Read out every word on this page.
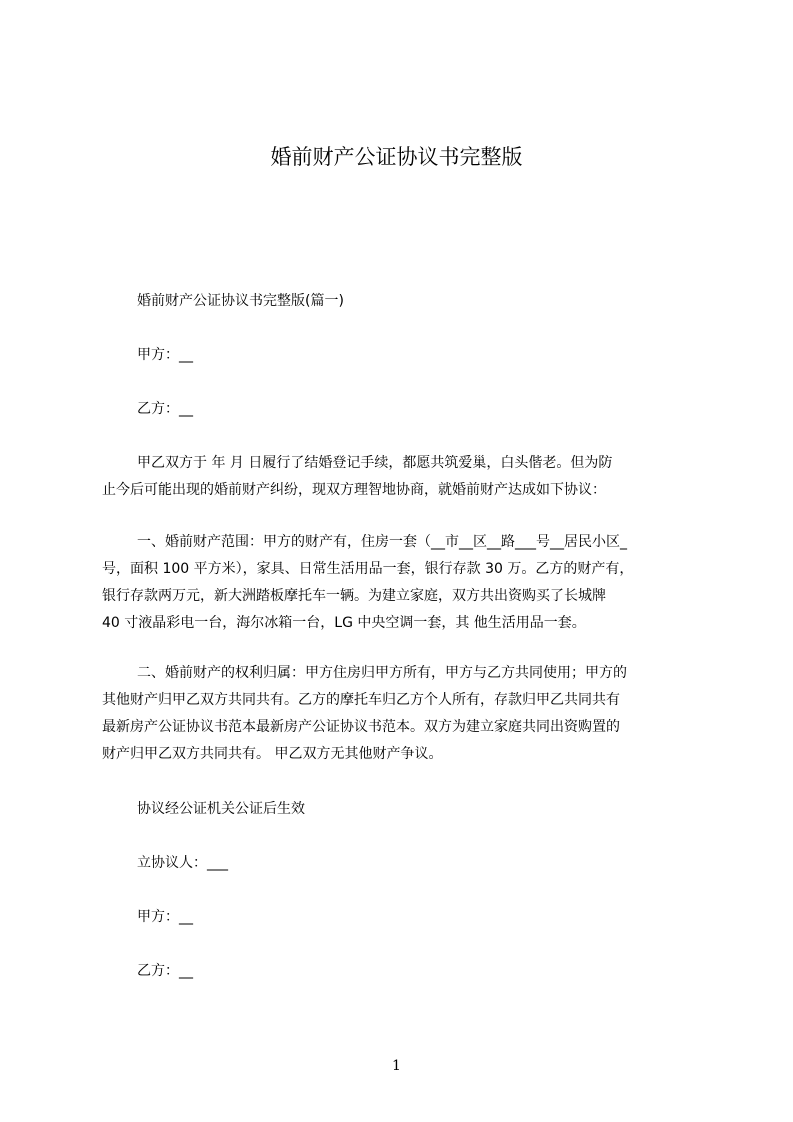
婚前财产公证协议书完整版
婚前财产公证协议书完整版(篇一)
甲方：__
乙方：__
甲乙双方于 年 月 日履行了结婚登记手续，都愿共筑爱巢，白头偕老。但为防
止今后可能出现的婚前财产纠纷，现双方理智地协商，就婚前财产达成如下协议：
一、婚前财产范围：甲方的财产有，住房一套（__市__区__路___号__居民小区_
号，面积 100 平方米），家具、日常生活用品一套，银行存款 30 万。乙方的财产有，
银行存款两万元，新大洲踏板摩托车一辆。为建立家庭，双方共出资购买了长城牌
40 寸液晶彩电一台，海尔冰箱一台，LG 中央空调一套，其 他生活用品一套。
二、婚前财产的权利归属：甲方住房归甲方所有，甲方与乙方共同使用；甲方的
其他财产归甲乙双方共同共有。乙方的摩托车归乙方个人所有，存款归甲乙共同共有
最新房产公证协议书范本最新房产公证协议书范本。双方为建立家庭共同出资购置的
财产归甲乙双方共同共有。 甲乙双方无其他财产争议。
协议经公证机关公证后生效
立协议人：___
甲方：__
乙方：__
1
